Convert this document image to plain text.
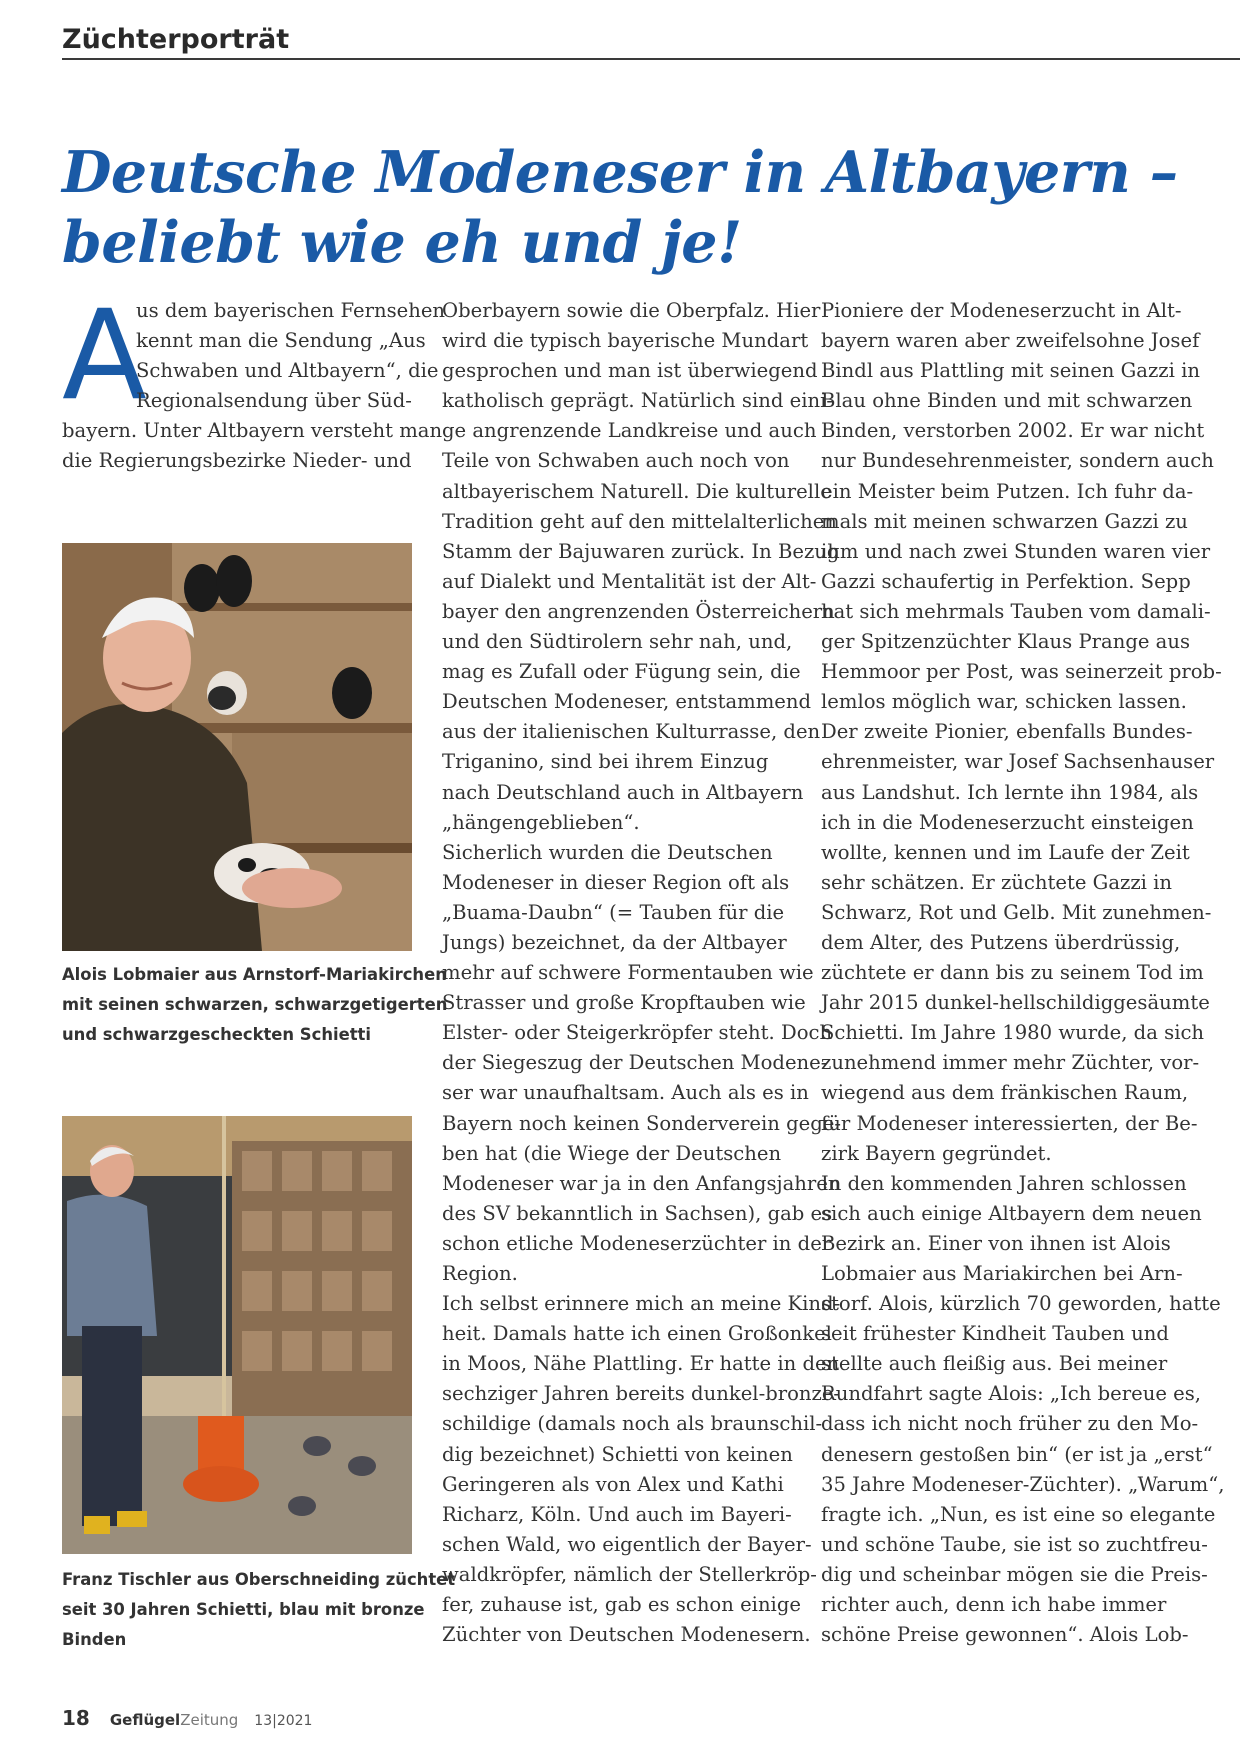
Züchterporträt
Deutsche Modeneser in Altbayern –
beliebt wie eh und je!
A

us dem bayerischen Fernsehen

kennt man die Sendung „Aus

Schwaben und Altbayern“, die

Regionalsendung über Süd-

bayern. Unter Altbayern versteht man

die Regierungsbezirke Nieder- und

Oberbayern sowie die Oberpfalz. Hier

wird die typisch bayerische Mundart

gesprochen und man ist überwiegend

katholisch geprägt. Natürlich sind eini-

ge angrenzende Landkreise und auch

Teile von Schwaben auch noch von

altbayerischem Naturell. Die kulturelle

Tradition geht auf den mittelalterlichen

Stamm der Bajuwaren zurück. In Bezug

auf Dialekt und Mentalität ist der Alt-

bayer den angrenzenden Österreichern

und den Südtirolern sehr nah, und,

mag es Zufall oder Fügung sein, die

Deutschen Modeneser, entstammend

aus der italienischen Kulturrasse, den

Triganino, sind bei ihrem Einzug

nach Deutschland auch in Altbayern

„hängengeblieben“.

Sicherlich wurden die Deutschen

Modeneser in dieser Region oft als

„Buama-Daubn“ (= Tauben für die

Jungs) bezeichnet, da der Altbayer

mehr auf schwere Formentauben wie

Strasser und große Kropftauben wie

Elster- oder Steigerkröpfer steht. Doch

der Siegeszug der Deutschen Modene-

ser war unaufhaltsam. Auch als es in

Bayern noch keinen Sonderverein gege-

ben hat (die Wiege der Deutschen

Modeneser war ja in den Anfangsjahren

des SV bekanntlich in Sachsen), gab es

schon etliche Modeneserzüchter in der

Region.

Ich selbst erinnere mich an meine Kind-

heit. Damals hatte ich einen Großonkel

in Moos, Nähe Plattling. Er hatte in den

sechziger Jahren bereits dunkel-bronze-

schildige (damals noch als braunschil-

dig bezeichnet) Schietti von keinen

Geringeren als von Alex und Kathi

Richarz, Köln. Und auch im Bayeri-

schen Wald, wo eigentlich der Bayer-

waldkröpfer, nämlich der Stellerkröp-

fer, zuhause ist, gab es schon einige

Züchter von Deutschen Modenesern.

Pioniere der Modeneserzucht in Alt-

bayern waren aber zweifelsohne Josef

Bindl aus Plattling mit seinen Gazzi in

Blau ohne Binden und mit schwarzen

Binden, verstorben 2002. Er war nicht

nur Bundesehrenmeister, sondern auch

ein Meister beim Putzen. Ich fuhr da-

mals mit meinen schwarzen Gazzi zu

ihm und nach zwei Stunden waren vier

Gazzi schaufertig in Perfektion. Sepp

hat sich mehrmals Tauben vom damali-

ger Spitzenzüchter Klaus Prange aus

Hemmoor per Post, was seinerzeit prob-

lemlos möglich war, schicken lassen.

Der zweite Pionier, ebenfalls Bundes-

ehrenmeister, war Josef Sachsenhauser

aus Landshut. Ich lernte ihn 1984, als

ich in die Modeneserzucht einsteigen

wollte, kennen und im Laufe der Zeit

sehr schätzen. Er züchtete Gazzi in

Schwarz, Rot und Gelb. Mit zunehmen-

dem Alter, des Putzens überdrüssig,

züchtete er dann bis zu seinem Tod im

Jahr 2015 dunkel-hellschildiggesäumte

Schietti. Im Jahre 1980 wurde, da sich

zunehmend immer mehr Züchter, vor-

wiegend aus dem fränkischen Raum,

für Modeneser interessierten, der Be-

zirk Bayern gegründet.

In den kommenden Jahren schlossen

sich auch einige Altbayern dem neuen

Bezirk an. Einer von ihnen ist Alois

Lobmaier aus Mariakirchen bei Arn-

storf. Alois, kürzlich 70 geworden, hatte

seit frühester Kindheit Tauben und

stellte auch fleißig aus. Bei meiner

Rundfahrt sagte Alois: „Ich bereue es,

dass ich nicht noch früher zu den Mo-

denesern gestoßen bin“ (er ist ja „erst“

35 Jahre Modeneser-Züchter). „Warum“,

fragte ich. „Nun, es ist eine so elegante

und schöne Taube, sie ist so zuchtfreu-

dig und scheinbar mögen sie die Preis-

richter auch, denn ich habe immer

schöne Preise gewonnen“. Alois Lob-

Alois Lobmaier aus Arnstorf-Mariakirchen

mit seinen schwarzen, schwarzgetigerten

und schwarzgescheckten Schietti

Franz Tischler aus Oberschneiding züchtet

seit 30 Jahren Schietti, blau mit bronze

Binden

18 Geflügel Zeitung 13|2021
